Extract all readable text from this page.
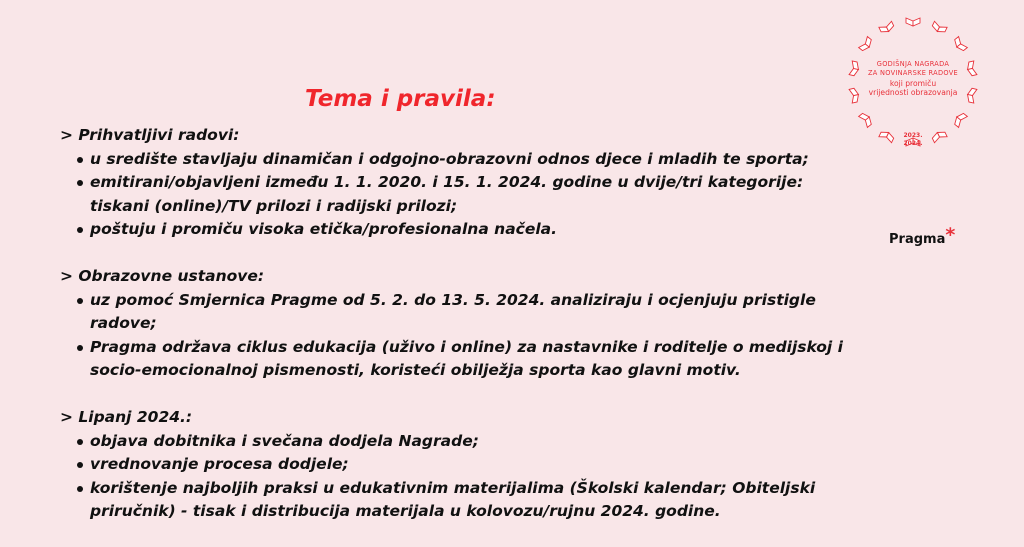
Tema i pravila:
> Prihvatljivi radovi:
u središte stavljaju dinamičan i odgojno-obrazovni odnos djece i mladih te sporta;
emitirani/objavljeni između 1. 1. 2020. i 15. 1. 2024. godine u dvije/tri kategorije: tiskani (online)/TV prilozi i radijski prilozi;
poštuju i promiču visoka etička/profesionalna načela.
> Obrazovne ustanove:
uz pomoć Smjernica Pragme od 5. 2. do 13. 5. 2024. analiziraju i ocjenjuju pristigle radove;
Pragma održava ciklus edukacija (uživo i online) za nastavnike i roditelje o medijskoj i socio-emocionalnoj pismenosti, koristeći obilježja sporta kao glavni motiv.
> Lipanj 2024.:
objava dobitnika i svečana dodjela Nagrade;
vrednovanje procesa dodjele;
korištenje najboljih praksi u edukativnim materijalima (Školski kalendar; Obiteljski priručnik) - tisak i distribucija materijala u kolovozu/rujnu 2024. godine.
GODIŠNJA NAGRADA
ZA NOVINARSKE RADOVE
koji promiču
vrijednosti obrazovanja
2023.
2024.
Pragma*
